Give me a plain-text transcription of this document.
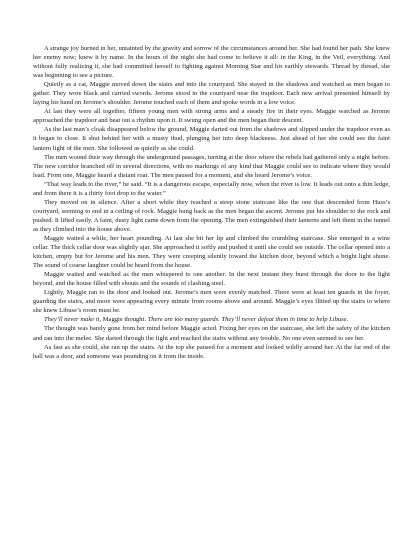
A strange joy burned in her, untainted by the gravity and sorrow of the circumstances around her. She had found her path. She knew her enemy now; knew it by name. In the hours of the night she had come to believe it all: in the King, in the Veil, everything. And without fully realizing it, she had committed herself to fighting against Morning Star and his earthly stewards. Thread by thread, she was beginning to see a picture.

Quietly as a cat, Maggie moved down the stairs and into the courtyard. She stayed in the shadows and watched as men began to gather. They wore black and carried swords. Jerome stood in the courtyard near the trapdoor. Each new arrival presented himself by laying his hand on Jerome’s shoulder. Jerome touched each of them and spoke words in a low voice.

At last they were all together, fifteen young men with strong arms and a steady fire in their eyes. Maggie watched as Jerome approached the trapdoor and beat out a rhythm upon it. It swung open and the men began their descent.

As the last man’s cloak disappeared below the ground, Maggie darted out from the shadows and slipped under the trapdoor even as it began to close. It shut behind her with a musty thud, plunging her into deep blackness. Just ahead of her she could see the faint lantern light of the men. She followed as quietly as she could.

The men wound their way through the underground passages, turning at the door where the rebels had gathered only a night before. The new corridor branched off in several directions, with no markings of any kind that Maggie could see to indicate where they would lead. From one, Maggie heard a distant roar. The men paused for a moment, and she heard Jerome’s voice.

“That way leads to the river,” he said. “It is a dangerous escape, especially now, when the river is low. It leads out onto a thin ledge, and from there it is a thirty foot drop to the water.”

They moved on in silence. After a short while they reached a steep stone staircase like the one that descended from Huss’s courtyard, seeming to end in a ceiling of rock. Maggie hung back as the men began the ascent. Jerome put his shoulder to the rock and pushed. It lifted easily. A faint, dusty light came down from the opening. The men extinguished their lanterns and left them in the tunnel as they climbed into the house above.

Maggie waited a while, her heart pounding. At last she bit her lip and climbed the crumbling staircase. She emerged in a wine cellar. The thick cellar door was slightly ajar. She approached it softly and pushed it until she could see outside. The cellar opened into a kitchen, empty but for Jerome and his men. They were creeping silently toward the kitchen door, beyond which a bright light shone. The sound of coarse laughter could be heard from the house.

Maggie waited and watched as the men whispered to one another. In the next instant they burst through the door to the light beyond, and the house filled with shouts and the sounds of clashing steel.

Lightly, Maggie ran to the door and looked out. Jerome’s men were evenly matched. There were at least ten guards in the foyer, guarding the stairs, and more were appearing every minute from rooms above and around. Maggie’s eyes flitted up the stairs to where she knew Libuse’s room must be.

They’ll never make it, Maggie thought. There are too many guards. They’ll never defeat them in time to help Libuse.

The thought was barely gone from her mind before Maggie acted. Fixing her eyes on the staircase, she left the safety of the kitchen and ran into the melee. She darted through the fight and reached the stairs without any trouble. No one even seemed to see her.

As fast as she could, she ran up the stairs. At the top she paused for a moment and looked wildly around her. At the far end of the hall was a door, and someone was pounding on it from the inside.
